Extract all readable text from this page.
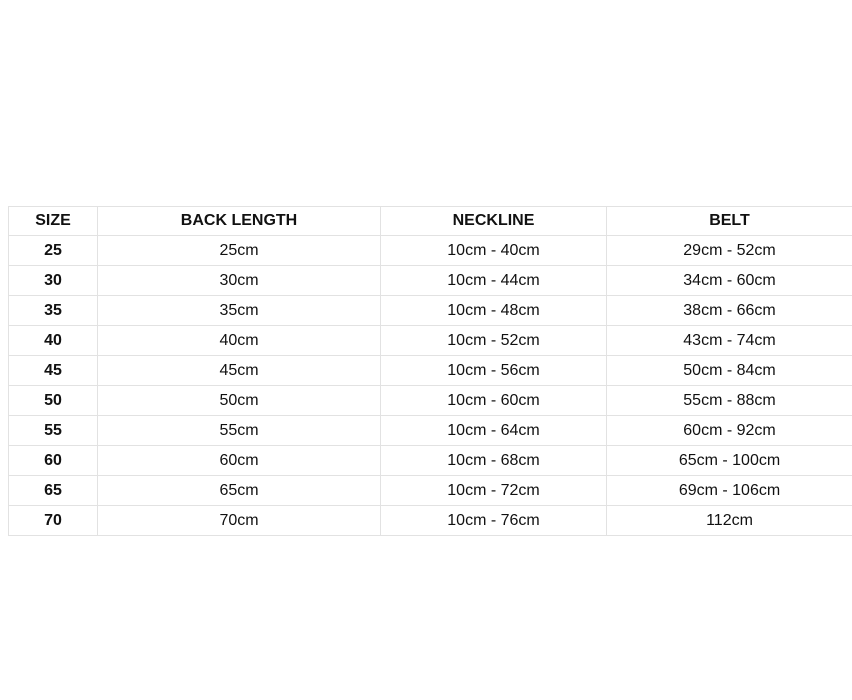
SIZE	BACK LENGTH	NECKLINE	BELT
25	25cm	10cm - 40cm	29cm - 52cm
30	30cm	10cm - 44cm	34cm - 60cm
35	35cm	10cm - 48cm	38cm - 66cm
40	40cm	10cm - 52cm	43cm - 74cm
45	45cm	10cm - 56cm	50cm - 84cm
50	50cm	10cm - 60cm	55cm - 88cm
55	55cm	10cm - 64cm	60cm - 92cm
60	60cm	10cm - 68cm	65cm - 100cm
65	65cm	10cm - 72cm	69cm - 106cm
70	70cm	10cm - 76cm	112cm
